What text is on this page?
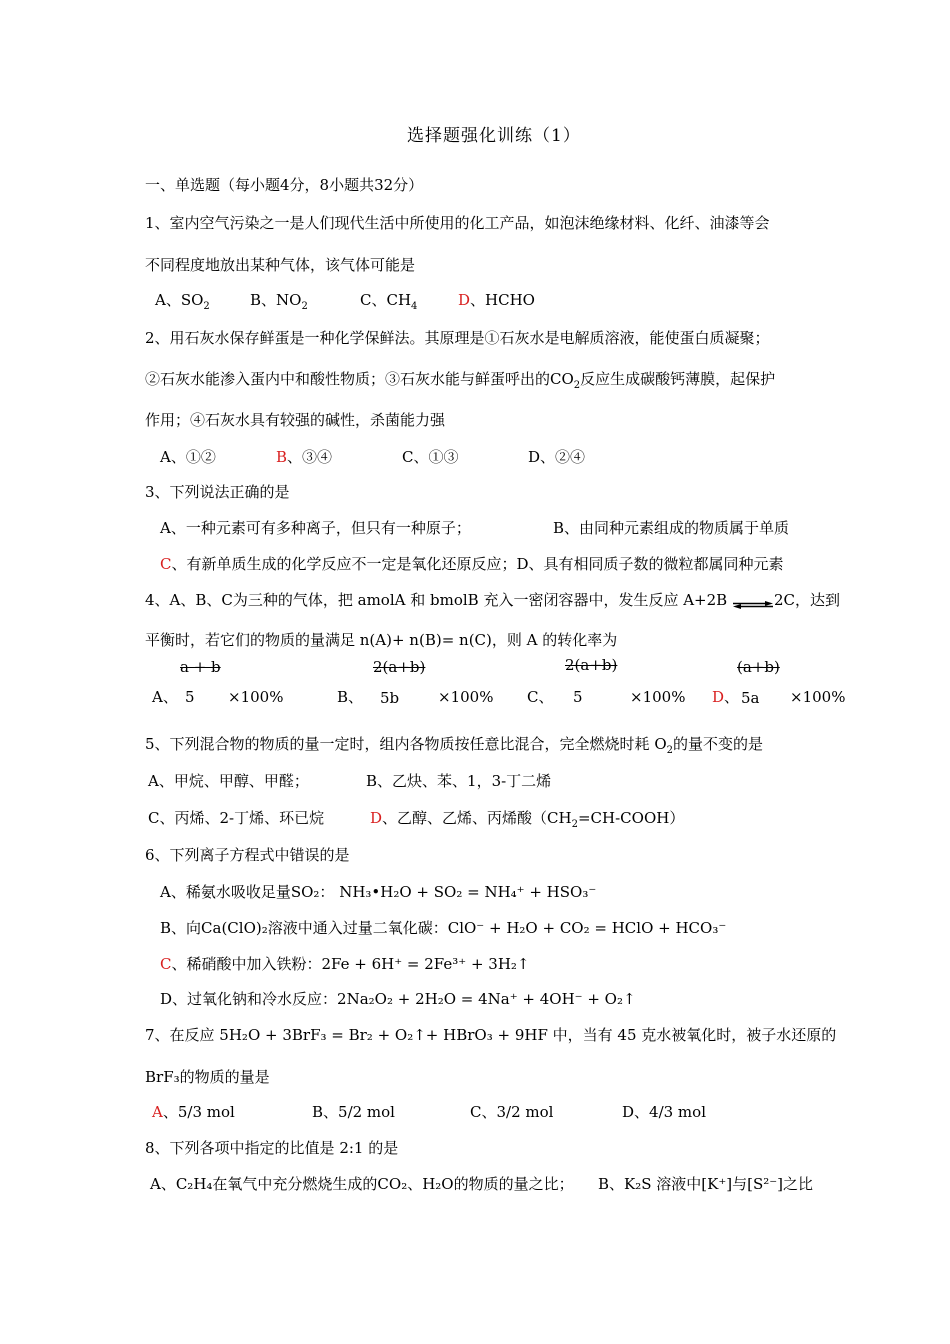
选择题强化训练（1）
一、单选题（每小题4分，8小题共32分）
1、室内空气污染之一是人们现代生活中所使用的化工产品，如泡沫绝缘材料、化纤、油漆等会
不同程度地放出某种气体，该气体可能是
A、$SO_2$	B、$NO_2$	C、$CH_4$	D、HCHO
2、用石灰水保存鲜蛋是一种化学保鲜法。其原理是①石灰水是电解质溶液，能使蛋白质凝聚；
②石灰水能渗入蛋内中和酸性物质；③石灰水能与鲜蛋呼出的$CO_2$反应生成碳酸钙薄膜，起保护
作用；④石灰水具有较强的碱性，杀菌能力强
A、①②	B、③④	C、①③	D、②④
3、下列说法正确的是
A、一种元素可有多种离子，但只有一种原子；	B、由同种元素组成的物质属于单质
C、有新单质生成的化学反应不一定是氧化还原反应；D、具有相同质子数的微粒都属同种元素
4、A、B、C为三种的气体，把 amolA 和 bmolB 充入一密闭容器中，发生反应 A+2B ⇌2C，达到
平衡时，若它们的物质的量满足 n(A)+ n(B)= n(C)，则 A 的转化率为
A、
a + b
5 ×100%	B、
2(a+b)
5b	×100% C、
2(a+b)
5	×100% D、
(a+b)
5a ×100%
5、下列混合物的物质的量一定时，组内各物质按任意比混合，完全燃烧时耗 $O_2$的量不变的是
A、甲烷、甲醇、甲醛；	B、乙炔、苯、1，3-丁二烯
C、丙烯、2-丁烯、环已烷	D、乙醇、乙烯、丙烯酸$(CH_2=CH-COOH)$
6、下列离子方程式中错误的是
A、稀氨水吸收足量SO₂： NH₃•H₂O + SO₂ = NH₄⁺ + HSO₃⁻
B、向Ca(ClO)₂溶液中通入过量二氧化碳：ClO⁻ + H₂O + CO₂ = HClO + HCO₃⁻
C、稀硝酸中加入铁粉：2Fe + 6H⁺ = 2Fe³⁺ + 3H₂↑
D、过氧化钠和冷水反应：2Na₂O₂ + 2H₂O = 4Na⁺ + 4OH⁻ + O₂↑
7、在反应 5H₂O + 3BrF₃ = Br₂ + O₂↑+ HBrO₃ + 9HF 中，当有 45 克水被氧化时，被子水还原的
BrF₃的物质的量是
A、5/3 mol	B、5/2 mol	C、3/2 mol	D、4/3 mol
8、下列各项中指定的比值是 2:1 的是
A、C₂H₄在氧气中充分燃烧生成的CO₂、H₂O的物质的量之比； B、K₂S 溶液中[K⁺]与[S²⁻]之比
